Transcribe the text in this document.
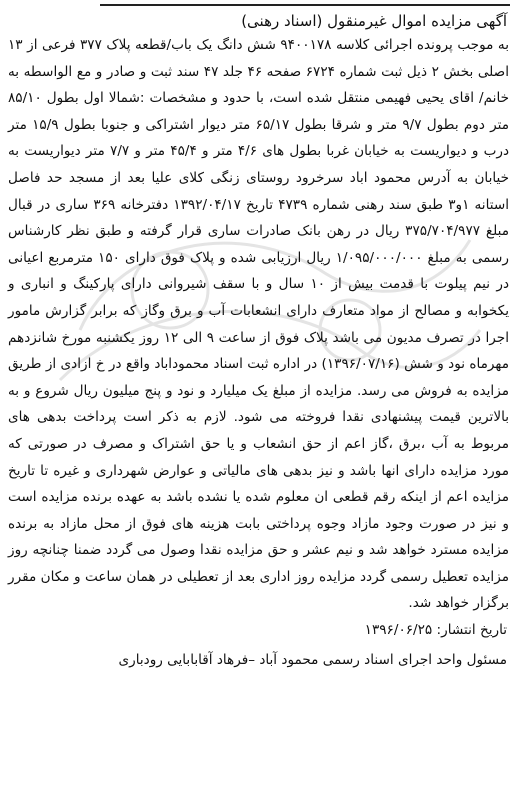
آگهی مزایده اموال غیرمنقول (اسناد رهنی)

به موجب پرونده اجرائی کلاسه ۹۴۰۰۱۷۸ شش دانگ یک باب/قطعه پلاک ۳۷۷ فرعی از ۱۳ اصلی بخش ۲ ذیل ثبت شماره ۶۷۲۴ صفحه ۴۶ جلد ۴۷ سند ثبت و صادر و مع الواسطه به خانم/ اقای یحیی فهیمی منتقل شده است، با حدود و مشخصات :شمالا اول بطول ۸۵/۱۰ متر دوم بطول ۹/۷ متر و شرقا بطول ۶۵/۱۷ متر دیوار اشتراکی و جنوبا بطول ۱۵/۹ متر درب و دیواریست به خیابان غربا بطول های ۴/۶ متر و ۴۵/۴ متر و ۷/۷ متر دیواریست به خیابان به آدرس محمود اباد سرخرود روستای زنگی کلای علیا بعد از مسجد حد فاصل استانه ۱و۳ طبق سند رهنی شماره ۴۷۳۹ تاریخ ۱۳۹۲/۰۴/۱۷ دفترخانه ۳۶۹ ساری در قبال مبلغ ۳۷۵/۷۰۴/۹۷۷ ریال در رهن بانک صادرات ساری قرار گرفته و طبق نظر کارشناس رسمی به مبلغ ۱/۰۹۵/۰۰۰/۰۰۰ ریال ارزیابی شده و پلاک فوق دارای ۱۵۰ مترمربع اعیانی در نیم پیلوت با قدمت بیش از ۱۰ سال و با سقف شیروانی دارای پارکینگ و انباری و یکخوابه و مصالح از مواد متعارف دارای انشعابات آب و برق وگاز که برابر گزارش مامور اجرا در تصرف مدیون می باشد پلاک فوق از ساعت ۹ الی ۱۲ روز یکشنبه مورخ شانزدهم مهرماه نود و شش (۱۳۹۶/۰۷/۱۶) در اداره ثبت اسناد محموداباد واقع در خ ازادی از طریق مزایده به فروش می رسد. مزایده از مبلغ یک میلیارد و نود و پنج میلیون ریال شروع و به بالاترین قیمت پیشنهادی نقدا فروخته می شود. لازم به ذکر است پرداخت بدهی های مربوط به آب ،برق ،گاز اعم از حق انشعاب و یا حق اشتراک و مصرف در صورتی که مورد مزایده دارای انها باشد و نیز بدهی های مالیاتی و عوارض شهرداری و غیره تا تاریخ مزایده اعم از اینکه رقم قطعی ان معلوم شده یا نشده باشد به عهده برنده مزایده است و نیز در صورت وجود مازاد وجوه پرداختی بابت هزینه های فوق از محل مازاد به برنده مزایده مسترد خواهد شد و نیم عشر و حق مزایده نقدا وصول می گردد ضمنا چنانچه روز مزایده تعطیل رسمی گردد مزایده روز اداری بعد از تعطیلی در همان ساعت و مکان مقرر برگزار خواهد شد.

تاریخ انتشار: ۱۳۹۶/۰۶/۲۵

مسئول واحد اجرای اسناد رسمی محمود آباد –فرهاد آقابابایی رودباری
